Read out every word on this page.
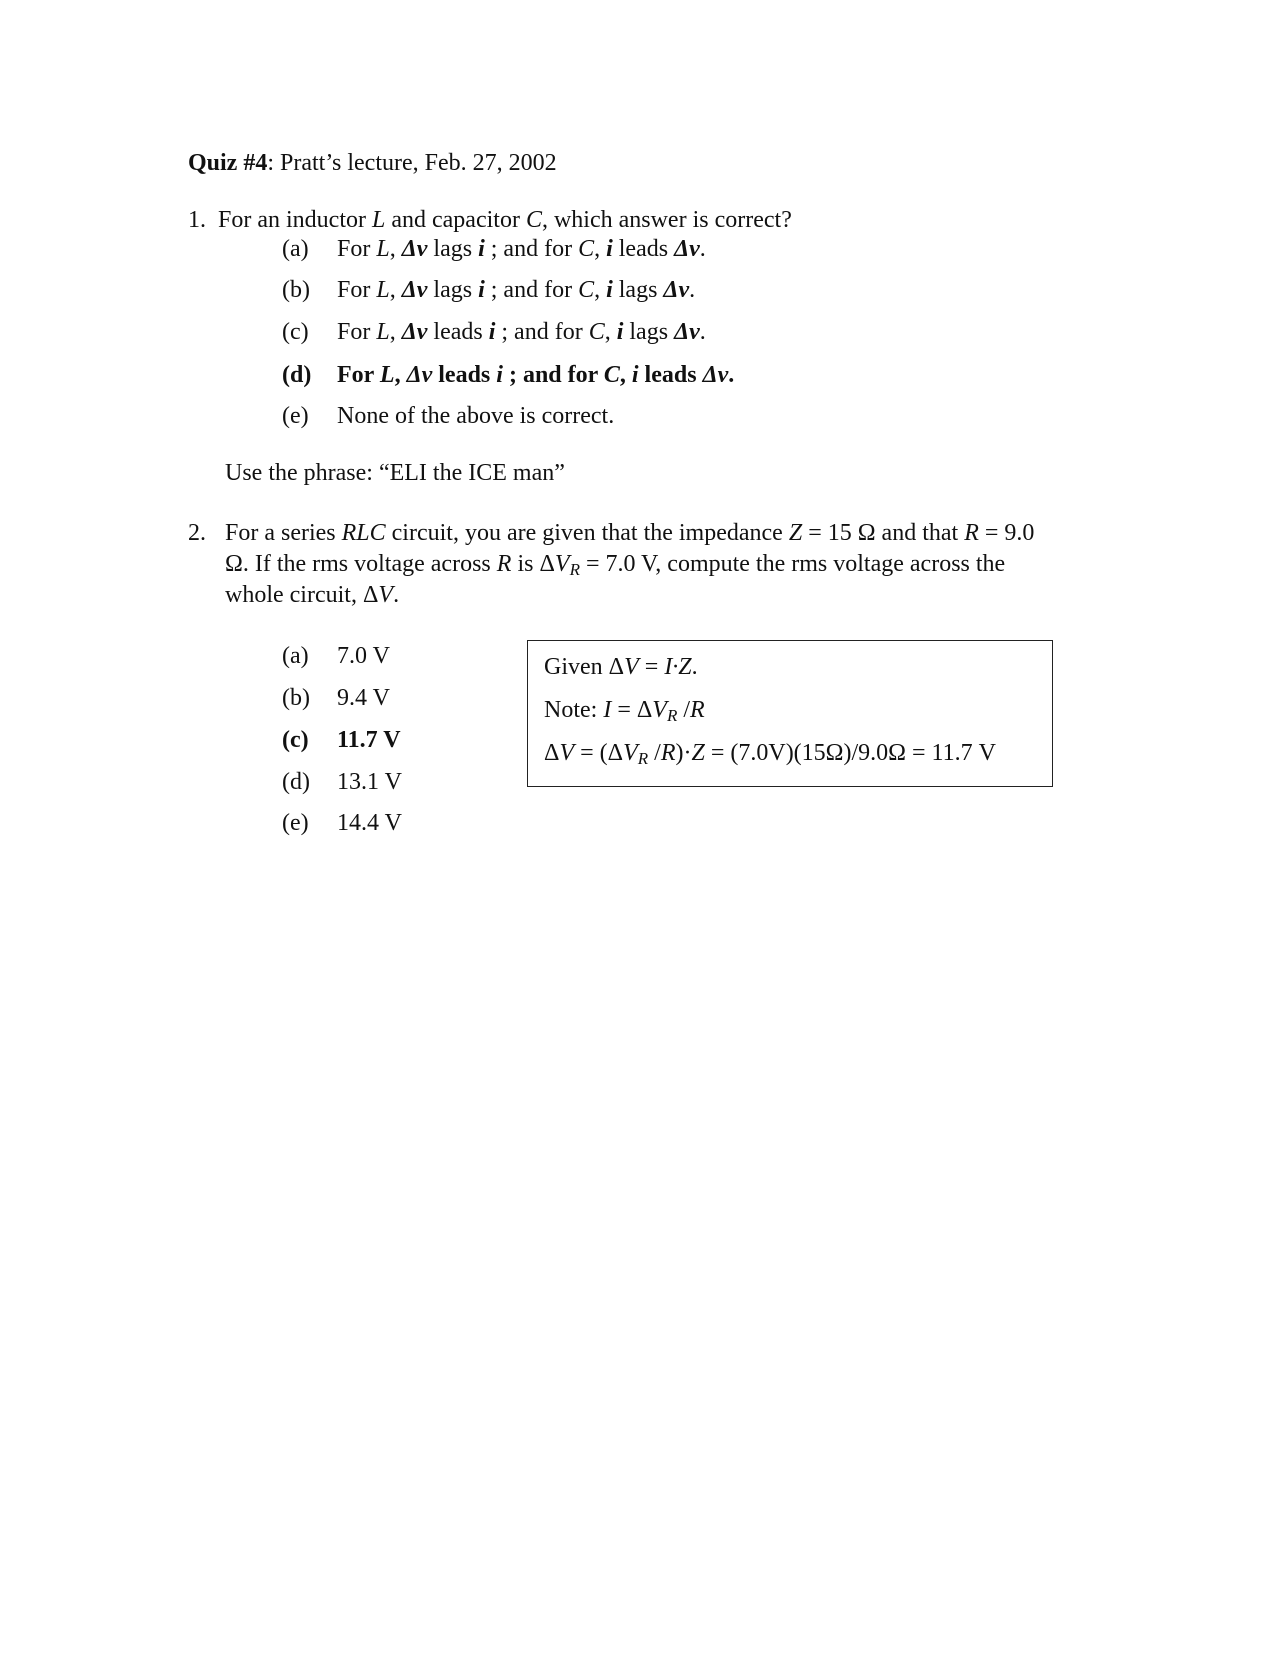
Quiz #4: Pratt’s lecture, Feb. 27, 2002
1. For an inductor L and capacitor C, which answer is correct?
(a) For L, Δv lags i ; and for C, i leads Δv.
(b) For L, Δv lags i ; and for C, i lags Δv.
(c) For L, Δv leads i ; and for C, i lags Δv.
(d) For L, Δv leads i ; and for C, i leads Δv.
(e) None of the above is correct.
Use the phrase: “ELI the ICE man”
2. For a series RLC circuit, you are given that the impedance Z = 15 Ω and that R = 9.0
Ω. If the rms voltage across R is $\Delta V_R = 7.0$ V, compute the rms voltage across the
whole circuit, ΔV.
(a) 7.0 V
(b) 9.4 V
(c) 11.7 V
(d) 13.1 V
(e) 14.4 V
Given ΔV = I·Z.
Note: $I = \Delta V_R$ /R
$\Delta V = (\Delta V_R$ /R)·Z = (7.0V)(15Ω)/9.0Ω = 11.7 V
